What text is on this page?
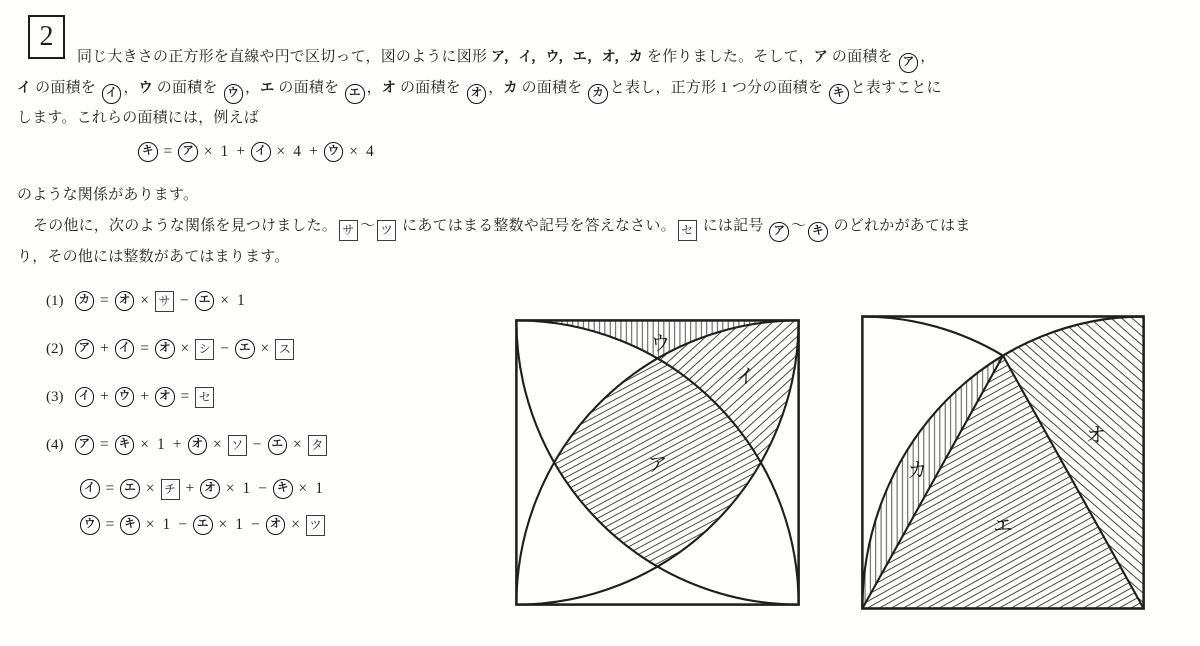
2
同じ大きさの正方形を直線や円で区切って，図のように図形 ア，イ，ウ，エ，オ，カ を作りました。そして，ア の面積を ア ，
イ の面積を イ ，ウ の面積を ウ ，エ の面積を エ ，オ の面積を オ ，カ の面積を カ と表し，正方形 1 つ分の面積を キ と表すことに
します。これらの面積には，例えば
キ = ア × 1 + イ × 4 + ウ × 4
のような関係があります。
その他に，次のような関係を見つけました。 サ ～ ツ にあてはまる整数や記号を答えなさい。 セ には記号 ア ～ キ のどれかがあてはま
り，その他には整数があてはまります。
(1)	カ = オ × サ − エ × 1
(2)	ア + イ = オ × シ − エ × ス
(3)	イ + ウ + オ = セ
(4)	ア = キ × 1 + オ × ソ − エ × タ
イ = エ × チ + オ × 1 − キ × 1
ウ = キ × 1 − エ × 1 − オ × ツ
ウ
イ
ア	カ
エ
オ
